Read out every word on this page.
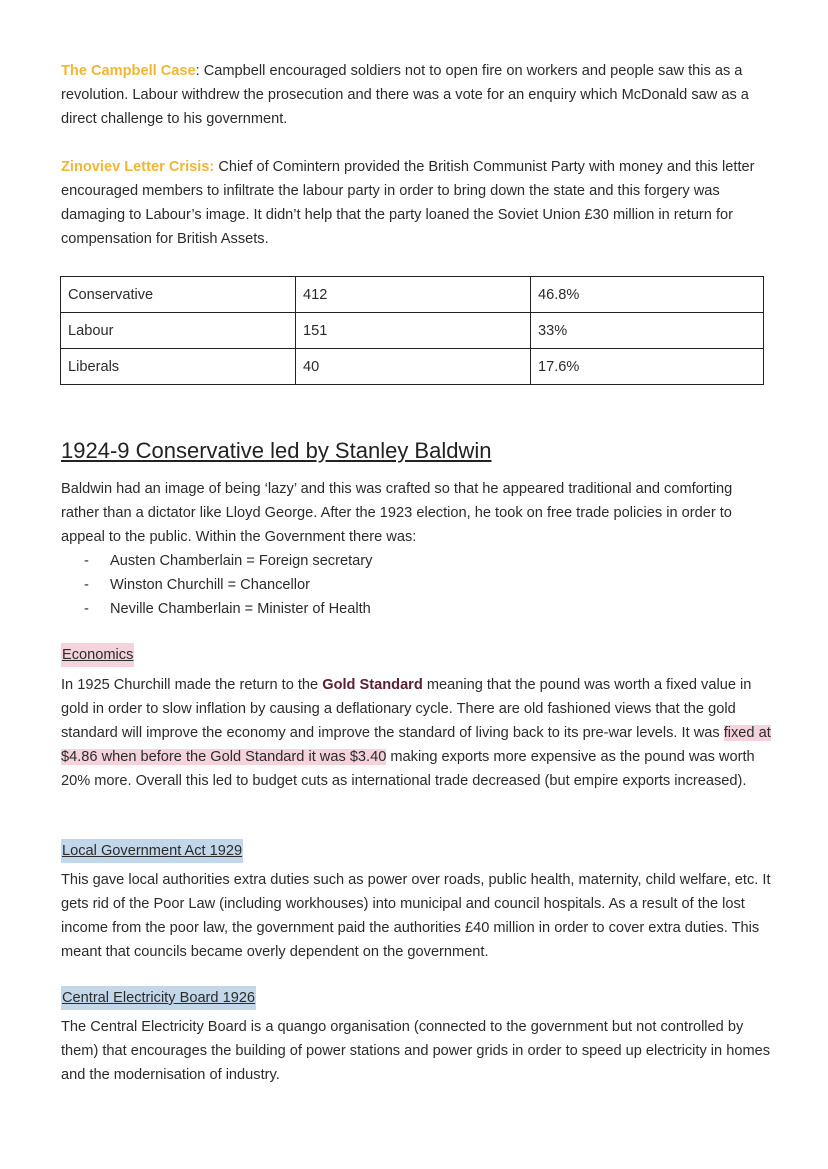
The Campbell Case: Campbell encouraged soldiers not to open fire on workers and people saw this as a revolution. Labour withdrew the prosecution and there was a vote for an enquiry which McDonald saw as a direct challenge to his government.

Zinoviev Letter Crisis: Chief of Comintern provided the British Communist Party with money and this letter encouraged members to infiltrate the labour party in order to bring down the state and this forgery was damaging to Labour’s image. It didn’t help that the party loaned the Soviet Union £30 million in return for compensation for British Assets.

Conservative	412	46.8%
Labour	151	33%
Liberals	40	17.6%
1924-9 Conservative led by Stanley Baldwin

Baldwin had an image of being ‘lazy’ and this was crafted so that he appeared traditional and comforting rather than a dictator like Lloyd George. After the 1923 election, he took on free trade policies in order to appeal to the public. Within the Government there was:

- Austen Chamberlain = Foreign secretary
- Winston Churchill = Chancellor
- Neville Chamberlain = Minister of Health

Economics

In 1925 Churchill made the return to the Gold Standard meaning that the pound was worth a fixed value in gold in order to slow inflation by causing a deflationary cycle. There are old fashioned views that the gold standard will improve the economy and improve the standard of living back to its pre-war levels. It was fixed at $4.86 when before the Gold Standard it was $3.40 making exports more expensive as the pound was worth 20% more. Overall this led to budget cuts as international trade decreased (but empire exports increased).

Local Government Act 1929

This gave local authorities extra duties such as power over roads, public health, maternity, child welfare, etc. It gets rid of the Poor Law (including workhouses) into municipal and council hospitals. As a result of the lost income from the poor law, the government paid the authorities £40 million in order to cover extra duties. This meant that councils became overly dependent on the government.

Central Electricity Board 1926

The Central Electricity Board is a quango organisation (connected to the government but not controlled by them) that encourages the building of power stations and power grids in order to speed up electricity in homes and the modernisation of industry.
